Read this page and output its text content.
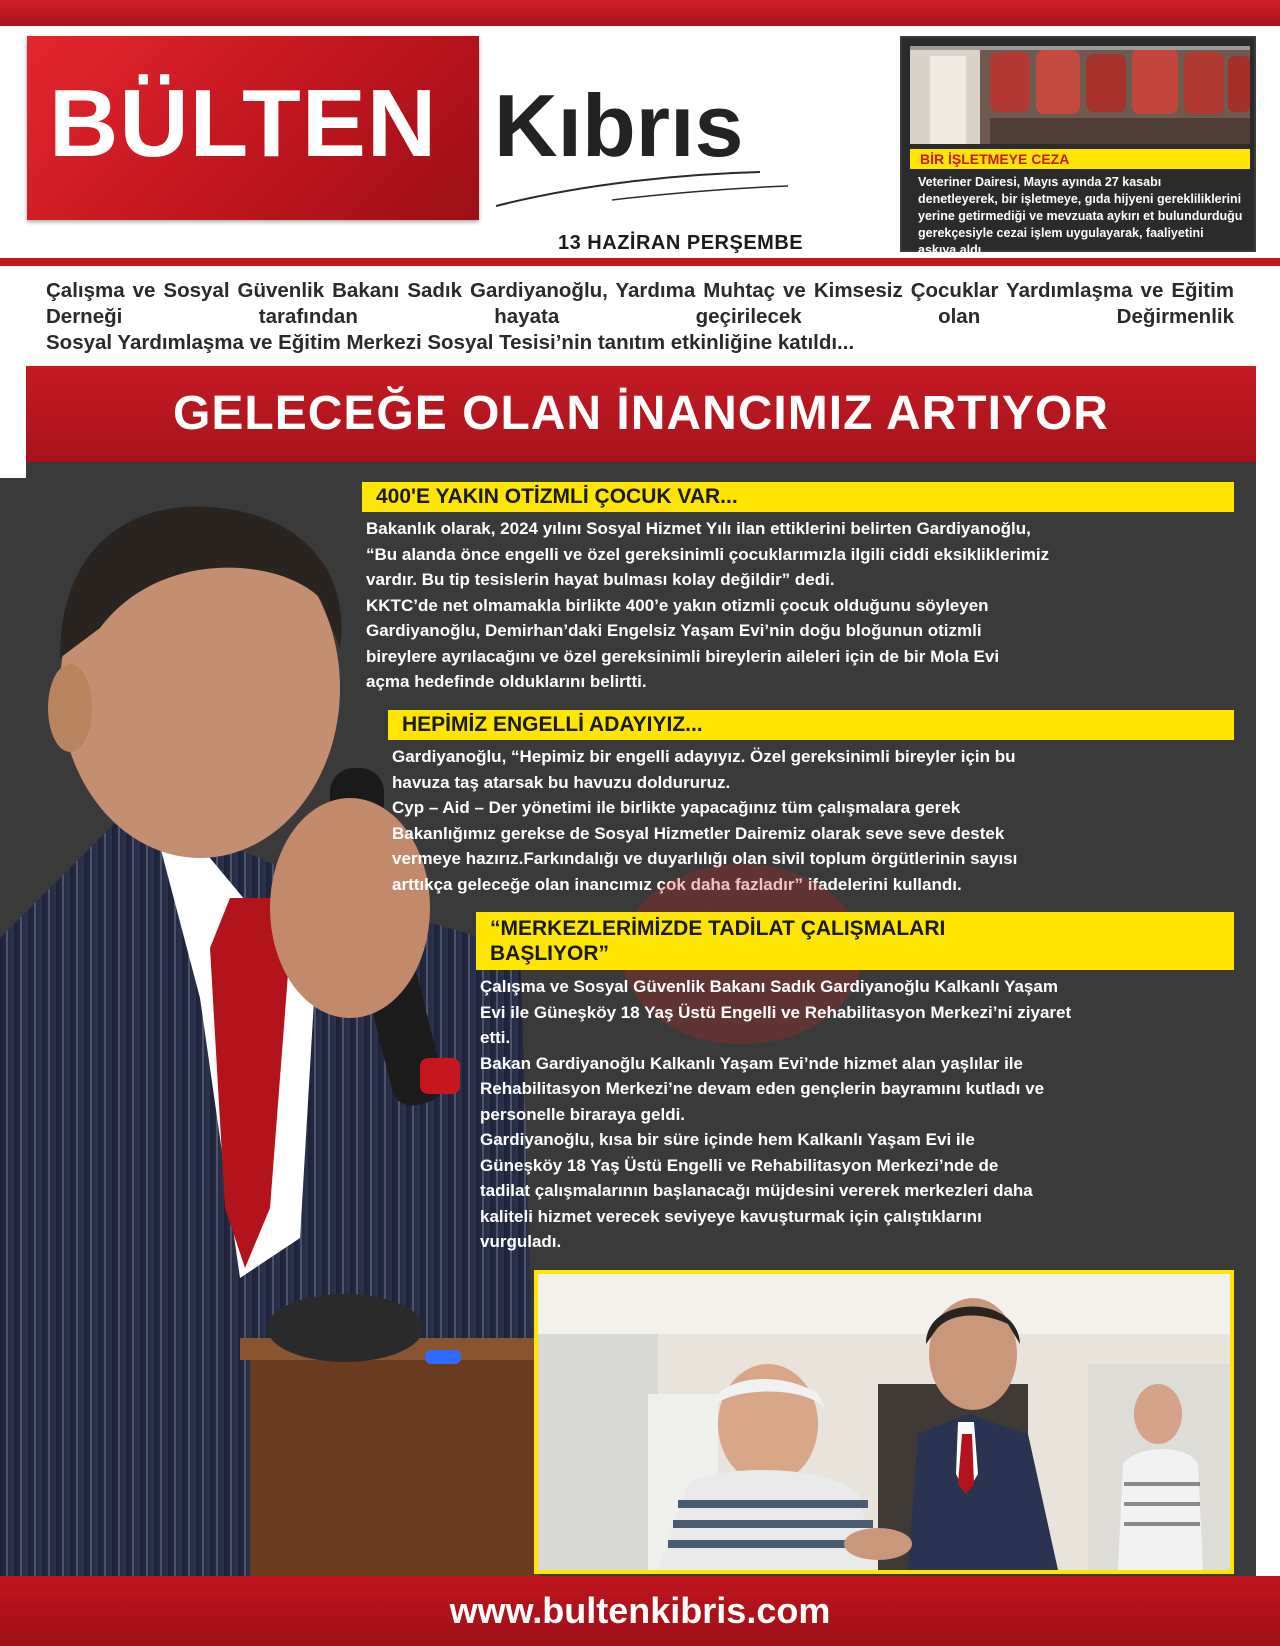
BÜLTEN Kıbrıs
13 HAZİRAN PERŞEMBE
BİR İŞLETMEYE CEZA
Veteriner Dairesi, Mayıs ayında 27 kasabı denetleyerek, bir işletmeye, gıda hijyeni gerekliliklerini yerine getirmediği ve mevzuata aykırı et bulundurduğu gerekçesiyle cezai işlem uygulayarak, faaliyetini askıya aldı.
Çalışma ve Sosyal Güvenlik Bakanı Sadık Gardiyanoğlu, Yardıma Muhtaç ve Kimsesiz Çocuklar Yardımlaşma ve Eğitim Derneği tarafından hayata geçirilecek olan Değirmenlik
Sosyal Yardımlaşma ve Eğitim Merkezi Sosyal Tesisi’nin tanıtım etkinliğine katıldı...
GELECEĞE OLAN İNANCIMIZ ARTIYOR
400'E YAKIN OTİZMLİ ÇOCUK VAR...
Bakanlık olarak, 2024 yılını Sosyal Hizmet Yılı ilan ettiklerini belirten Gardiyanoğlu,
“Bu alanda önce engelli ve özel gereksinimli çocuklarımızla ilgili ciddi eksikliklerimiz
vardır. Bu tip tesislerin hayat bulması kolay değildir” dedi.
KKTC’de net olmamakla birlikte 400’e yakın otizmli çocuk olduğunu söyleyen
Gardiyanoğlu, Demirhan’daki Engelsiz Yaşam Evi’nin doğu bloğunun otizmli
bireylere ayrılacağını ve özel gereksinimli bireylerin aileleri için de bir Mola Evi
açma hedefinde olduklarını belirtti.
HEPİMİZ ENGELLİ ADAYIYIZ...
Gardiyanoğlu, “Hepimiz bir engelli adayıyız. Özel gereksinimli bireyler için bu
havuza taş atarsak bu havuzu doldururuz.
Cyp – Aid – Der yönetimi ile birlikte yapacağınız tüm çalışmalara gerek
Bakanlığımız gerekse de Sosyal Hizmetler Dairemiz olarak seve seve destek
vermeye hazırız.Farkındalığı ve duyarlılığı olan sivil toplum örgütlerinin sayısı
arttıkça geleceğe olan inancımız çok daha fazladır” ifadelerini kullandı.
“MERKEZLERİMİZDE TADİLAT ÇALIŞMALARI BAŞLIYOR”
Çalışma ve Sosyal Güvenlik Bakanı Sadık Gardiyanoğlu Kalkanlı Yaşam
Evi ile Güneşköy 18 Yaş Üstü Engelli ve Rehabilitasyon Merkezi’ni ziyaret
etti.
Bakan Gardiyanoğlu Kalkanlı Yaşam Evi’nde hizmet alan yaşlılar ile
Rehabilitasyon Merkezi’ne devam eden gençlerin bayramını kutladı ve
personelle biraraya geldi.
Gardiyanoğlu, kısa bir süre içinde hem Kalkanlı Yaşam Evi ile
Güneşköy 18 Yaş Üstü Engelli ve Rehabilitasyon Merkezi’nde de
tadilat çalışmalarının başlanacağı müjdesini vererek merkezleri daha
kaliteli hizmet verecek seviyeye kavuşturmak için çalıştıklarını
vurguladı.
www.bultenkibris.com
